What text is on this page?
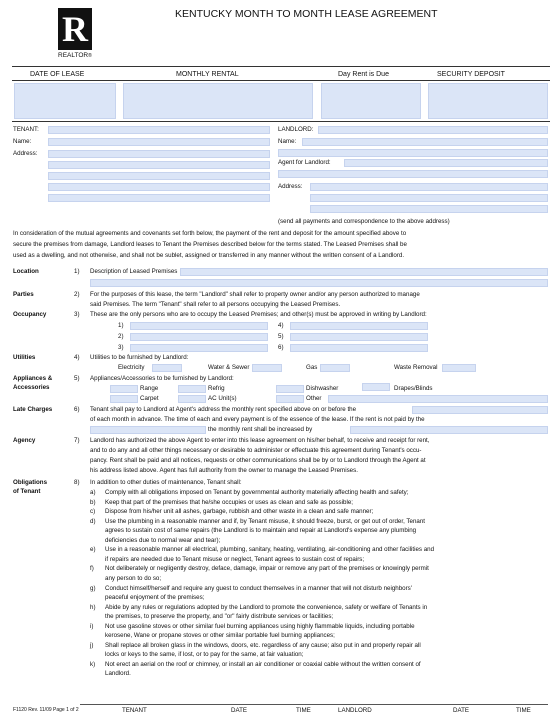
R
REALTOR®
KENTUCKY MONTH TO MONTH LEASE AGREEMENT
DATE OF LEASE	MONTHLY RENTAL	Day Rent is Due	SECURITY DEPOSIT
TENANT:
Name:
Address:
LANDLORD:
Name:
Agent for Landlord:
Address:
(send all payments and correspondence to the above address)
In consideration of the mutual agreements and covenants set forth below, the payment of the rent and deposit for the amount specified above to
secure the premises from damage, Landlord leases to Tenant the Premises described below for the terms stated. The Leased Premises shall be
used as a dwelling, and not otherwise, and shall not be sublet, assigned or transferred in any manner without the written consent of a Landlord.
Location	1) Description of Leased Premises
Parties	2) For the purposes of this lease, the term "Landlord" shall refer to property owner and/or any person authorized to manage
said Premises. The term "Tenant" shall refer to all persons occupying the Leased Premises.
Occupancy	3) These are the only persons who are to occupy the Leased Premises; and other(s) must be approved in writing by Landlord:
1)
2)
3)
4)
5)
6)
Utilities	4) Utilities to be furnished by Landlord:
Electricity	Water & Sewer	Gas	Waste Removal
Appliances &
Accessories
5) Appliances/Accessories to be furnished by Landlord:
Range	Refrig	Dishwasher	Drapes/Blinds
Carpet	AC Unit(s)	Other
Late Charges	6) Tenant shall pay to Landlord at Agent's address the monthly rent specified above on or before the
of each month in advance. The time of each and every payment is of the essence of the lease. If the rent is not paid by the
the monthly rent shall be increased by
Agency	7) Landlord has authorized the above Agent to enter into this lease agreement on his/her behalf, to receive and receipt for rent,
and to do any and all other things necessary or desirable to administer or effectuate this agreement during Tenant's occu-
pancy. Rent shall be paid and all notices, requests or other communications shall be by or to Landlord through the Agent at
his address listed above. Agent has full authority from the owner to manage the Leased Premises.
Obligations
of Tenant
8) In addition to other duties of maintenance, Tenant shall:
a) Comply with all obligations imposed on Tenant by governmental authority materially affecting health and safety;
b) Keep that part of the premises that he/she occupies or uses as clean and safe as possible;
c) Dispose from his/her unit all ashes, garbage, rubbish and other waste in a clean and safe manner;
d) Use the plumbing in a reasonable manner and if, by Tenant misuse, it should freeze, burst, or get out of order, Tenant
agrees to sustain cost of same repairs (the Landlord is to maintain and repair at Landlord's expense any plumbing
deficiencies due to normal wear and tear);
e) Use in a reasonable manner all electrical, plumbing, sanitary, heating, ventilating, air-conditioning and other facilities and
if repairs are needed due to Tenant misuse or neglect, Tenant agrees to sustain cost of repairs;
f) Not deliberately or negligently destroy, deface, damage, impair or remove any part of the premises or knowingly permit
any person to do so;
g) Conduct himself/herself and require any guest to conduct themselves in a manner that will not disturb neighbors'
peaceful enjoyment of the premises;
h) Abide by any rules or regulations adopted by the Landlord to promote the convenience, safety or welfare of Tenants in
the premises, to preserve the property, and "or" fairly distribute services or facilities;
i) Not use gasoline stoves or other similar fuel burning appliances using highly flammable liquids, including portable
kerosene, Wane or propane stoves or other similar portable fuel burning appliances;
j) Shall replace all broken glass in the windows, doors, etc. regardless of any cause; also put in and properly repair all
locks or keys to the same, if lost, or to pay for the same, at fair valuation;
k) Not erect an aerial on the roof or chimney, or install an air conditioner or coaxial cable without the written consent of
Landlord.
F1120 Rev. 11/09 Page 1 of 2	TENANT	DATE	TIME	LANDLORD	DATE	TIME
